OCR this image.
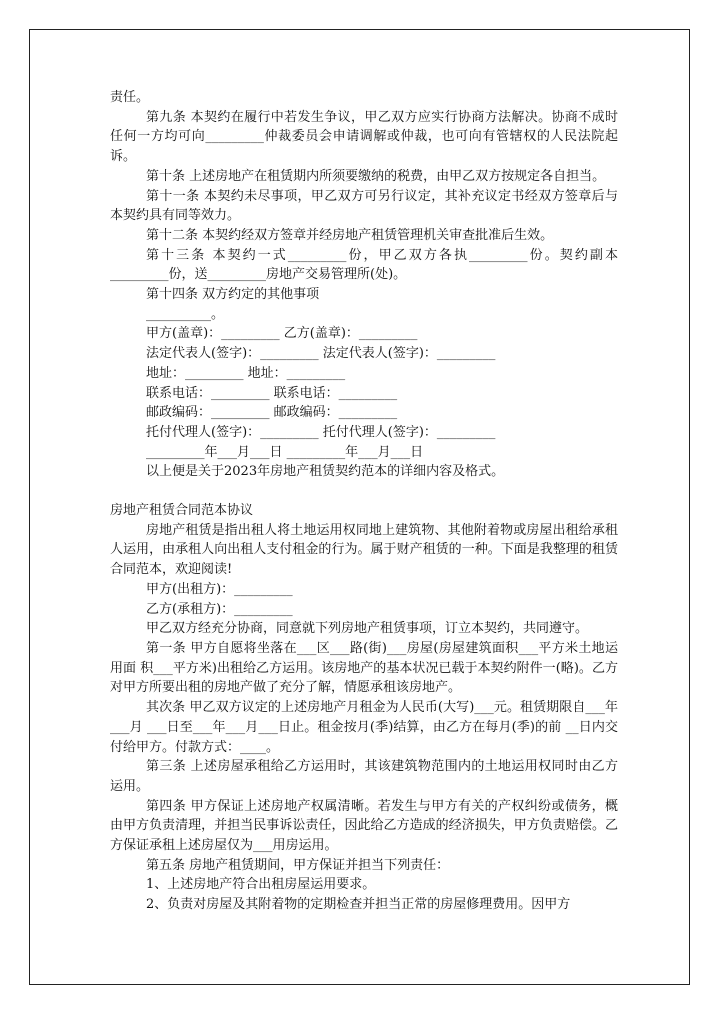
责任。

第九条 本契约在履行中若发生争议，甲乙双方应实行协商方法解决。协商不成时任何一方均可向_________仲裁委员会申请调解或仲裁，也可向有管辖权的人民法院起诉。

第十条 上述房地产在租赁期内所须要缴纳的税费，由甲乙双方按规定各自担当。

第十一条 本契约未尽事项，甲乙双方可另行议定，其补充议定书经双方签章后与本契约具有同等效力。

第十二条 本契约经双方签章并经房地产租赁管理机关审查批准后生效。

第十三条 本契约一式_________份，甲乙双方各执_________份。契约副本_________份，送_________房地产交易管理所(处)。

第十四条 双方约定的其他事项

__________。

甲方(盖章)：_________ 乙方(盖章)：_________

法定代表人(签字)：_________ 法定代表人(签字)：_________

地址：_________ 地址：_________

联系电话：_________ 联系电话：_________

邮政编码：_________ 邮政编码：_________

托付代理人(签字)：_________ 托付代理人(签字)：_________

_________年___月___日 _________年___月___日

以上便是关于2023年房地产租赁契约范本的详细内容及格式。

房地产租赁合同范本协议

房地产租赁是指出租人将土地运用权同地上建筑物、其他附着物或房屋出租给承租人运用，由承租人向出租人支付租金的行为。属于财产租赁的一种。下面是我整理的租赁合同范本，欢迎阅读!

甲方(出租方)：_________

乙方(承租方)：_________

甲乙双方经充分协商，同意就下列房地产租赁事项，订立本契约，共同遵守。

第一条 甲方自愿将坐落在___区___路(街)___房屋(房屋建筑面积___平方米土地运用面 积___平方米)出租给乙方运用。该房地产的基本状况已载于本契约附件一(略)。乙方对甲方所要出租的房地产做了充分了解，情愿承租该房地产。

其次条 甲乙双方议定的上述房地产月租金为人民币(大写)___元。租赁期限自___年___月 ___日至___年___月___日止。租金按月(季)结算，由乙方在每月(季)的前 __日内交付给甲方。付款方式：____。

第三条 上述房屋承租给乙方运用时，其该建筑物范围内的土地运用权同时由乙方运用。

第四条 甲方保证上述房地产权属清晰。若发生与甲方有关的产权纠纷或债务，概由甲方负责清理，并担当民事诉讼责任，因此给乙方造成的经济损失，甲方负责赔偿。乙方保证承租上述房屋仅为___用房运用。

第五条 房地产租赁期间，甲方保证并担当下列责任：

1、上述房地产符合出租房屋运用要求。

2、负责对房屋及其附着物的定期检查并担当正常的房屋修理费用。因甲方
